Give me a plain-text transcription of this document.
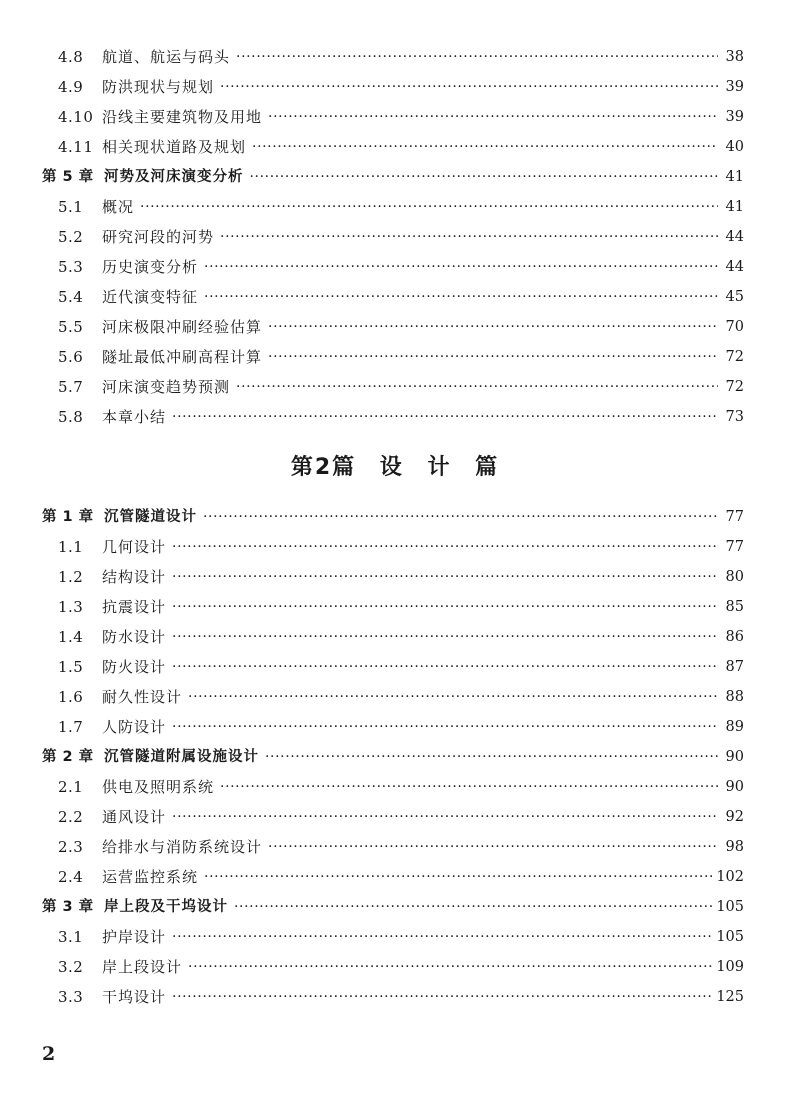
4.8	航道、航运与码头 ·····	38
4.9	防洪现状与规划 ·····	39
4.10 沿线主要建筑物及用地 ·····	39
4.11 相关现状道路及规划 ·····	40
第 5 章 河势及河床演变分析 ·····	41
5.1	概况 ·····	41
5.2	研究河段的河势 ·····	44
5.3	历史演变分析 ·····	44
5.4	近代演变特征 ·····	45
5.5	河床极限冲刷经验估算 ·····	70
5.6	隧址最低冲刷高程计算 ·····	72
5.7	河床演变趋势预测 ·····	72
5.8	本章小结 ·····	73
第2篇 设 计 篇
第 1 章 沉管隧道设计 ·····	77
1.1	几何设计 ·····	77
1.2	结构设计 ·····	80
1.3	抗震设计 ·····	85
1.4	防水设计 ·····	86
1.5	防火设计 ·····	87
1.6	耐久性设计 ·····	88
1.7	人防设计 ·····	89
第 2 章 沉管隧道附属设施设计 ·····	90
2.1	供电及照明系统 ·····	90
2.2	通风设计 ·····	92
2.3	给排水与消防系统设计 ·····	98
2.4	运营监控系统 ·····	102
第 3 章 岸上段及干坞设计 ·····	105
3.1	护岸设计 ·····	105
3.2	岸上段设计 ·····	109
3.3	干坞设计 ·····	125
2
